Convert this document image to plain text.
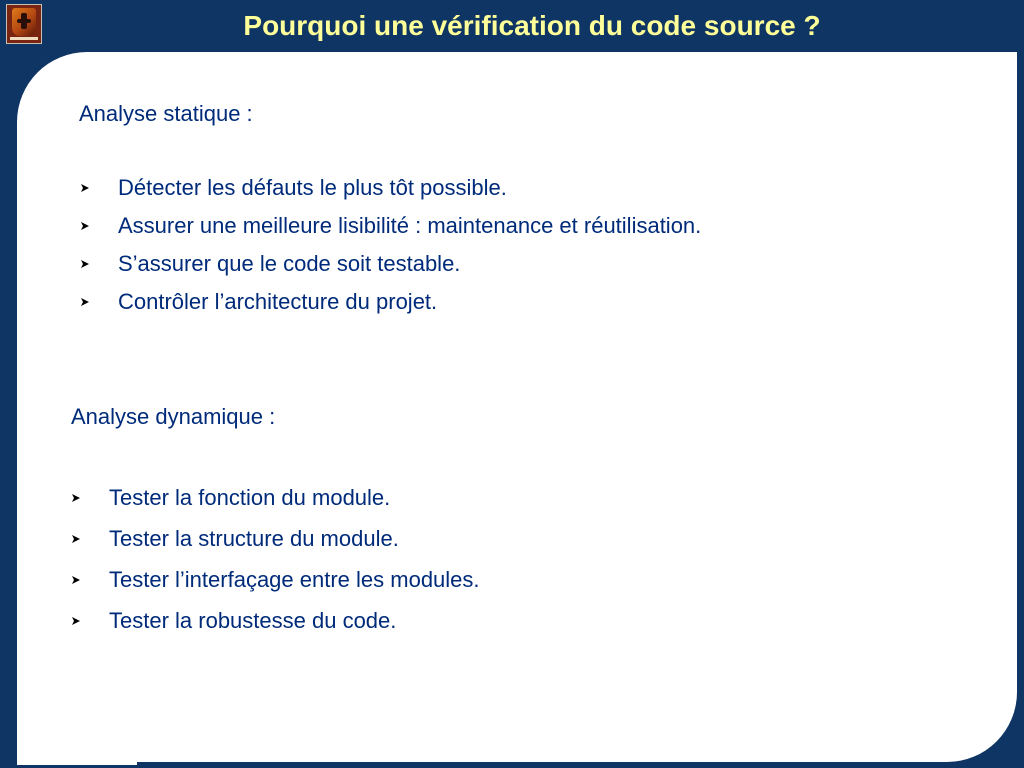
Pourquoi une vérification du code source ?
Analyse statique :
Détecter les défauts le plus tôt possible.
Assurer une meilleure lisibilité : maintenance et réutilisation.
S’assurer que le code soit testable.
Contrôler l’architecture du projet.
Analyse dynamique :
Tester la fonction du module.
Tester la structure du module.
Tester l’interfaçage entre les modules.
Tester la robustesse du code.
